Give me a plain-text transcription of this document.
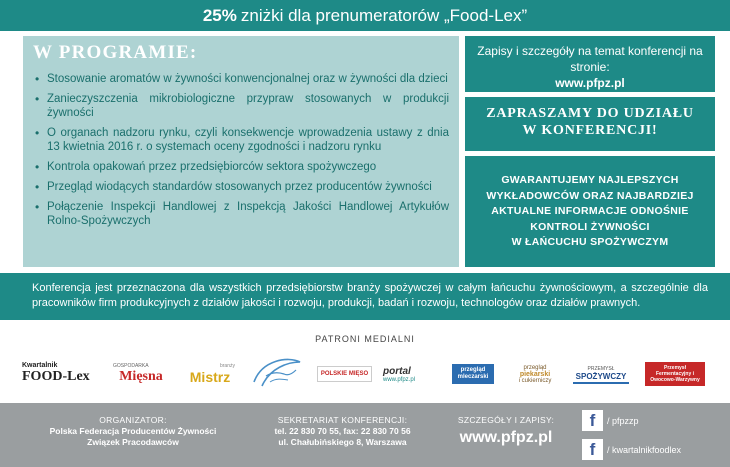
25% zniżki dla prenumeratorów „Food-Lex”
W PROGRAMIE:
• Stosowanie aromatów w żywności konwencjonalnej oraz w żywności dla dzieci
• Zanieczyszczenia mikrobiologiczne przypraw stosowanych w produkcji żywności
• O organach nadzoru rynku, czyli konsekwencje wprowadzenia ustawy z dnia 13 kwietnia 2016 r. o systemach oceny zgodności i nadzoru rynku
• Kontrola opakowań przez przedsiębiorców sektora spożywczego
• Przegląd wiodących standardów stosowanych przez producentów żywności
• Połączenie Inspekcji Handlowej z Inspekcją Jakości Handlowej Artykułów Rolno-Spożywczych
Zapisy i szczegóły na temat konferencji na stronie:
www.pfpz.pl
ZAPRASZAMY DO UDZIAŁU
W KONFERENCJI!
GWARANTUJEMY NAJLEPSZYCH
WYKŁADOWCÓW ORAZ NAJBARDZIEJ
AKTUALNE INFORMACJE ODNOŚNIE
KONTROLI ŻYWNOŚCI
W ŁAŃCUCHU SPOŻYWCZYM
Konferencja jest przeznaczona dla wszystkich przedsiębiorstw branży spożywczej w całym łańcuchu żywnościowym, a szczególnie dla pracowników firm produkcyjnych z działów jakości i rozwoju, produkcji, badań i rozwoju, technologów oraz działów prawnych.
PATRONI MEDIALNI
Kwartalnik
FOOD-Lex
GOSPODARKA
Mięsna
branży
Mistrz	POLSKIE MIĘSO	portal
www.pfpz.pl
przegląd mleczarski
przegląd
piekarski
i cukierniczy
PRZEMYSŁ
SPOŻYWCZY
Przemysł Fermentacyjny i Owocowo-Warzywny
ORGANIZATOR:
Polska Federacja Producentów Żywności
Związek Pracodawców
SEKRETARIAT KONFERENCJI:
tel. 22 830 70 55, fax: 22 830 70 56
ul. Chałubińskiego 8, Warszawa
SZCZEGÓŁY I ZAPISY:
www.pfpz.pl
f / pfpzzp
f / kwartalnikfoodlex
